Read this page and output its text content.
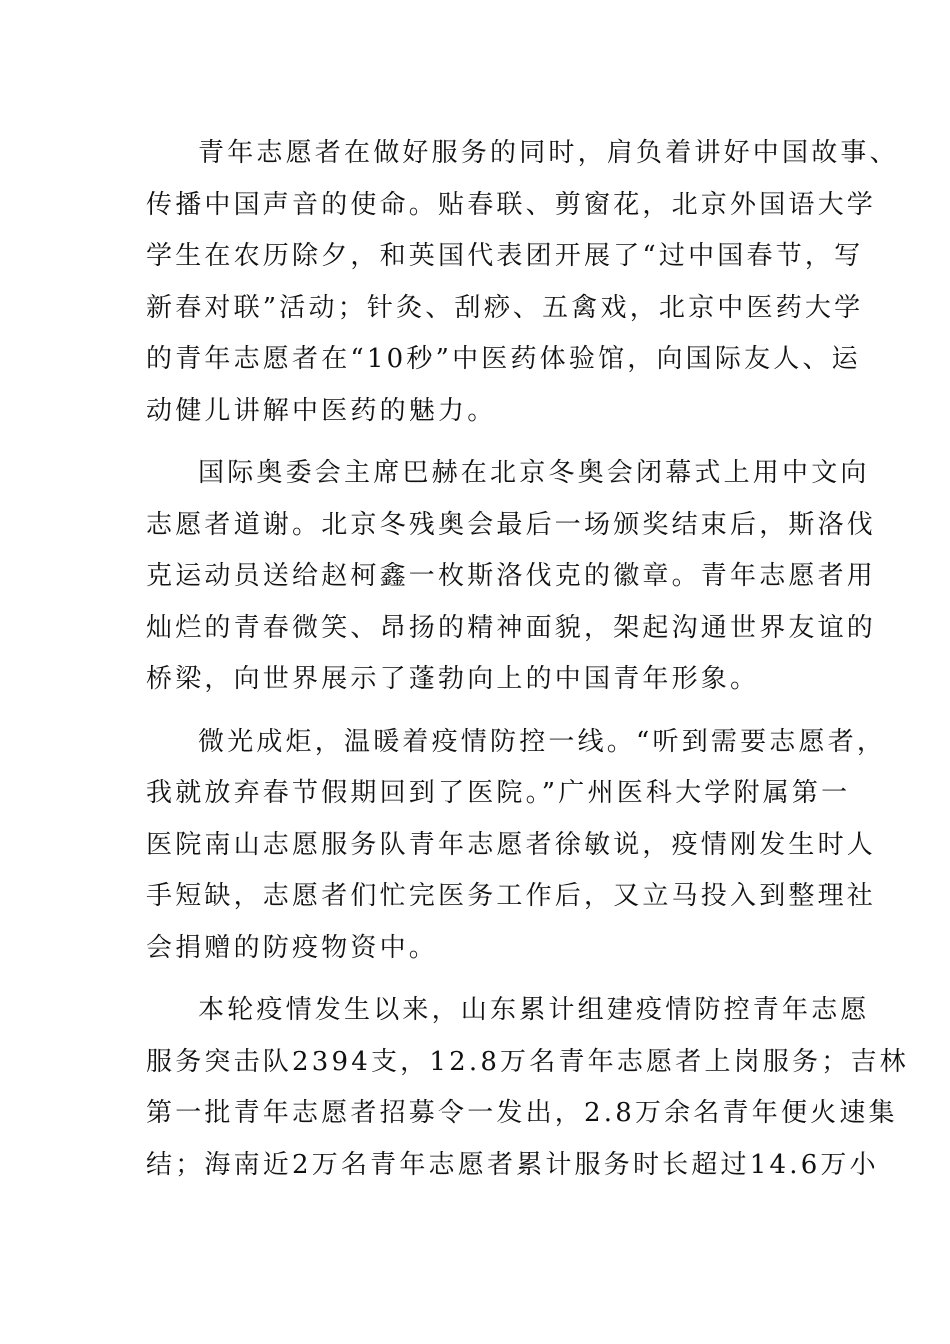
青年志愿者在做好服务的同时，肩负着讲好中国故事、
传播中国声音的使命。贴春联、剪窗花，北京外国语大学
学生在农历除夕，和英国代表团开展了“过中国春节，写
新春对联”活动；针灸、刮痧、五禽戏，北京中医药大学
的青年志愿者在“10秒”中医药体验馆，向国际友人、运
动健儿讲解中医药的魅力。
国际奥委会主席巴赫在北京冬奥会闭幕式上用中文向
志愿者道谢。北京冬残奥会最后一场颁奖结束后，斯洛伐
克运动员送给赵柯鑫一枚斯洛伐克的徽章。青年志愿者用
灿烂的青春微笑、昂扬的精神面貌，架起沟通世界友谊的
桥梁，向世界展示了蓬勃向上的中国青年形象。
微光成炬，温暖着疫情防控一线。“听到需要志愿者，
我就放弃春节假期回到了医院。”广州医科大学附属第一
医院南山志愿服务队青年志愿者徐敏说，疫情刚发生时人
手短缺，志愿者们忙完医务工作后，又立马投入到整理社
会捐赠的防疫物资中。
本轮疫情发生以来，山东累计组建疫情防控青年志愿
服务突击队2394支，12.8万名青年志愿者上岗服务；吉林
第一批青年志愿者招募令一发出，2.8万余名青年便火速集
结；海南近2万名青年志愿者累计服务时长超过14.6万小
